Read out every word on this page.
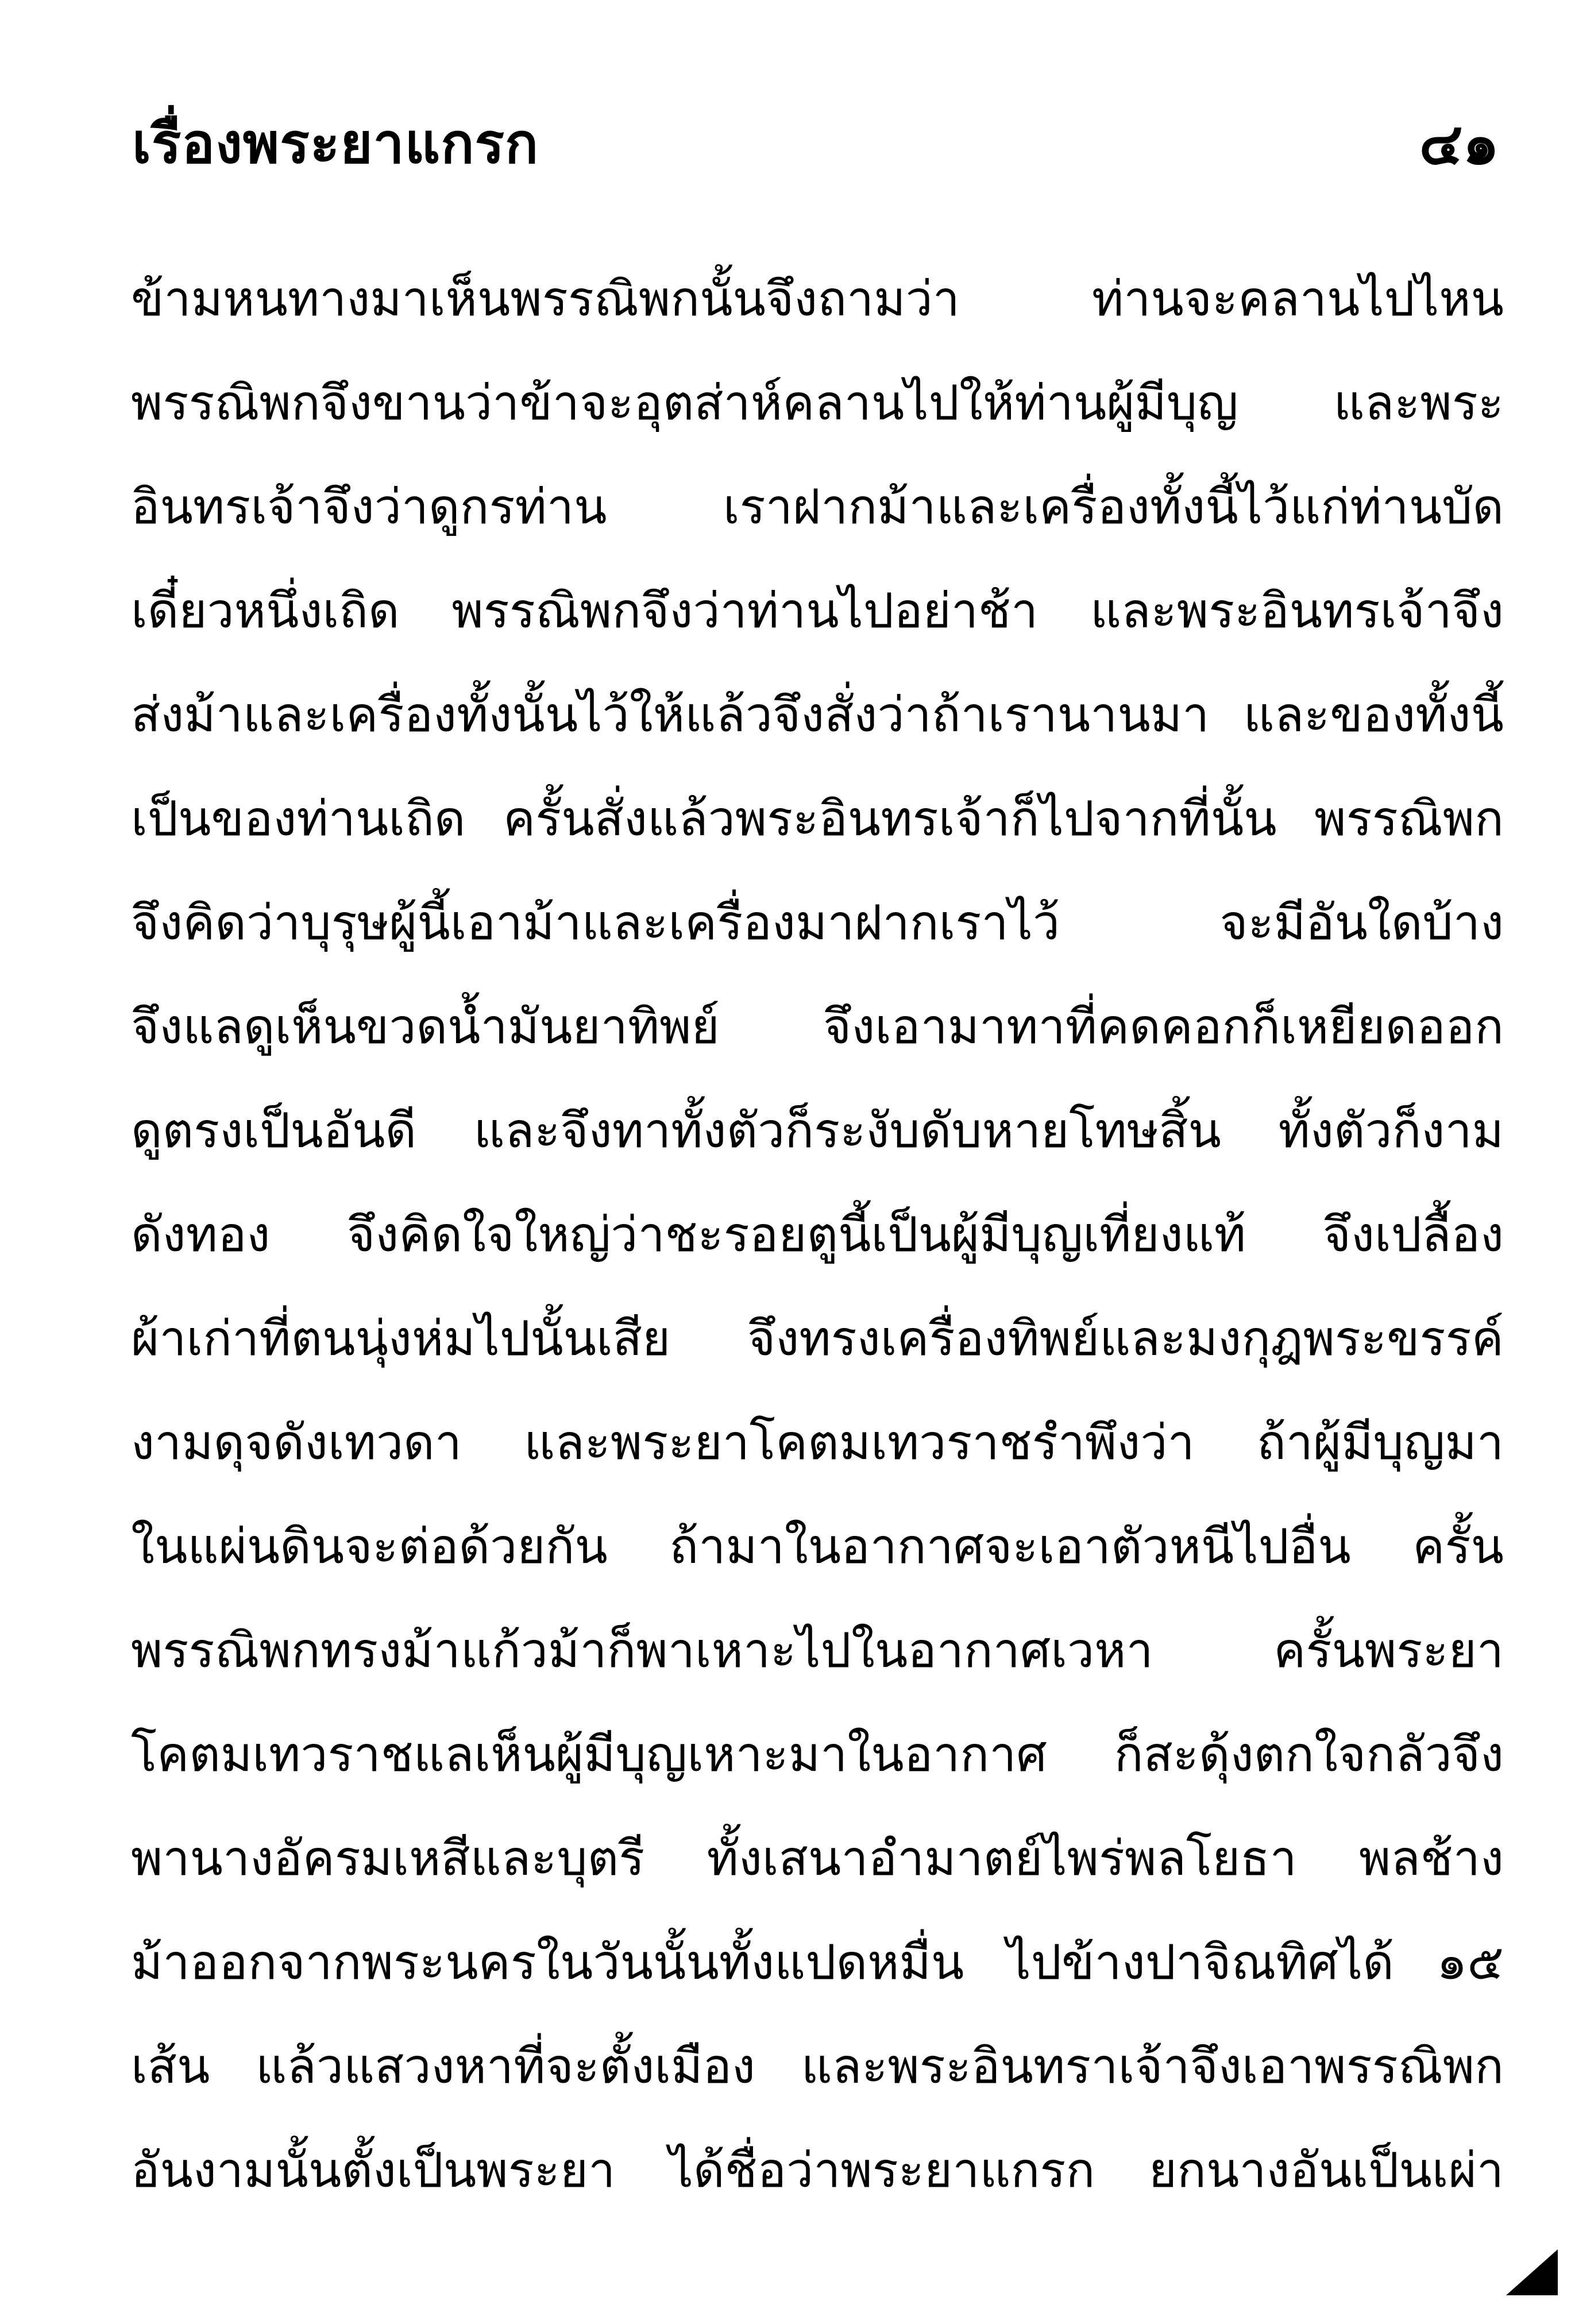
เรื่องพระยาแกรก	๔๑
ข้ามหนทางมาเห็นพรรณิพกนั้นจึงถามว่า ท่านจะคลานไปไหน
พรรณิพกจึงขานว่าข้าจะอุตส่าห์คลานไปให้ท่านผู้มีบุญ และพระ
อินทรเจ้าจึงว่าดูกรท่าน เราฝากม้าและเครื่องทั้งนี้ไว้แก่ท่านบัด
เดี๋ยวหนึ่งเถิด พรรณิพกจึงว่าท่านไปอย่าช้า และพระอินทรเจ้าจึง
ส่งม้าและเครื่องทั้งนั้นไว้ให้แล้วจึงสั่งว่าถ้าเรานานมา และของทั้งนี้
เป็นของท่านเถิด ครั้นสั่งแล้วพระอินทรเจ้าก็ไปจากที่นั้น พรรณิพก
จึงคิดว่าบุรุษผู้นี้เอาม้าและเครื่องมาฝากเราไว้ จะมีอันใดบ้าง
จึงแลดูเห็นขวดน้ำมันยาทิพย์ จึงเอามาทาที่คดคอกก็เหยียดออก
ดูตรงเป็นอันดี และจึงทาทั้งตัวก็ระงับดับหายโทษสิ้น ทั้งตัวก็งาม
ดังทอง จึงคิดใจใหญ่ว่าชะรอยตูนี้เป็นผู้มีบุญเที่ยงแท้ จึงเปลื้อง
ผ้าเก่าที่ตนนุ่งห่มไปนั้นเสีย จึงทรงเครื่องทิพย์และมงกุฎพระขรรค์
งามดุจดังเทวดา และพระยาโคตมเทวราชรำพึงว่า ถ้าผู้มีบุญมา
ในแผ่นดินจะต่อด้วยกัน ถ้ามาในอากาศจะเอาตัวหนีไปอื่น ครั้น
พรรณิพกทรงม้าแก้วม้าก็พาเหาะไปในอากาศเวหา ครั้นพระยา
โคตมเทวราชแลเห็นผู้มีบุญเหาะมาในอากาศ ก็สะดุ้งตกใจกลัวจึง
พานางอัครมเหสีและบุตรี ทั้งเสนาอำมาตย์ไพร่พลโยธา พลช้าง
ม้าออกจากพระนครในวันนั้นทั้งแปดหมื่น ไปข้างปาจิณทิศได้ ๑๕
เส้น แล้วแสวงหาที่จะตั้งเมือง และพระอินทราเจ้าจึงเอาพรรณิพก
อันงามนั้นตั้งเป็นพระยา ได้ชื่อว่าพระยาแกรก ยกนางอันเป็นเผ่า
